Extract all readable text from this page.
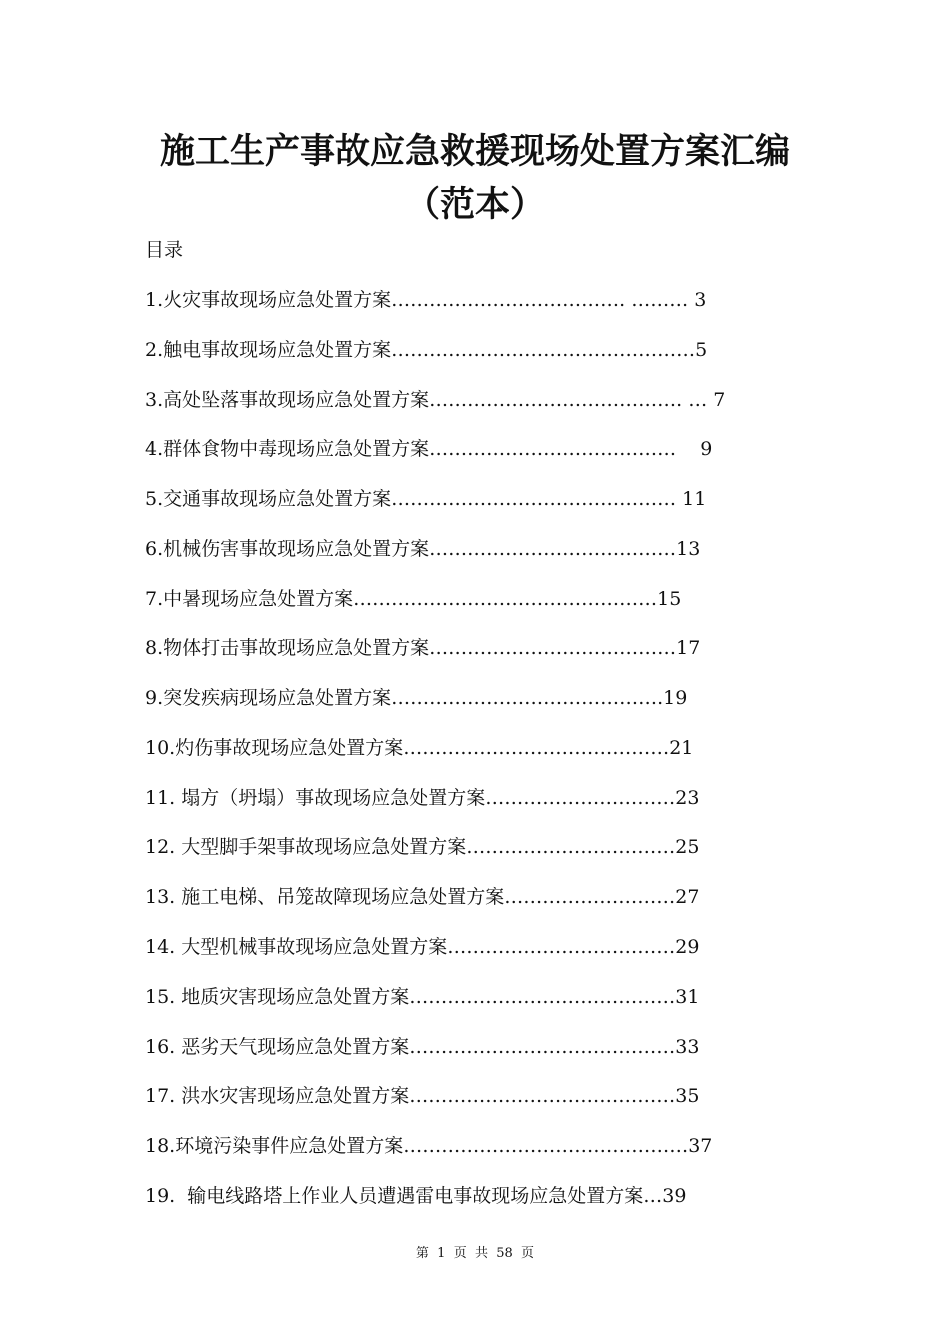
施工生产事故应急救援现场处置方案汇编
（范本）
目录
1.火灾事故现场应急处置方案………………………………. ……… 3
2.触电事故现场应急处置方案…………………………………………5
3.高处坠落事故现场应急处置方案…………………………………. … 7
4.群体食物中毒现场应急处置方案…………………………………    9
5.交通事故现场应急处置方案……………………………………… 11
6.机械伤害事故现场应急处置方案…………………………………13
7.中暑现场应急处置方案…………………………………………15
8.物体打击事故现场应急处置方案…………………………………17
9.突发疾病现场应急处置方案…………………………………….19
10.灼伤事故现场应急处置方案……………………………………21
11. 塌方（坍塌）事故现场应急处置方案…………………………23
12. 大型脚手架事故现场应急处置方案……………………………25
13. 施工电梯、吊笼故障现场应急处置方案………………………27
14. 大型机械事故现场应急处置方案………………………………29
15. 地质灾害现场应急处置方案……………………………………31
16. 恶劣天气现场应急处置方案……………………………………33
17. 洪水灾害现场应急处置方案……………………………………35
18.环境污染事件应急处置方案………………………………………37
19.  输电线路塔上作业人员遭遇雷电事故现场应急处置方案…39
第  1  页  共  58  页
